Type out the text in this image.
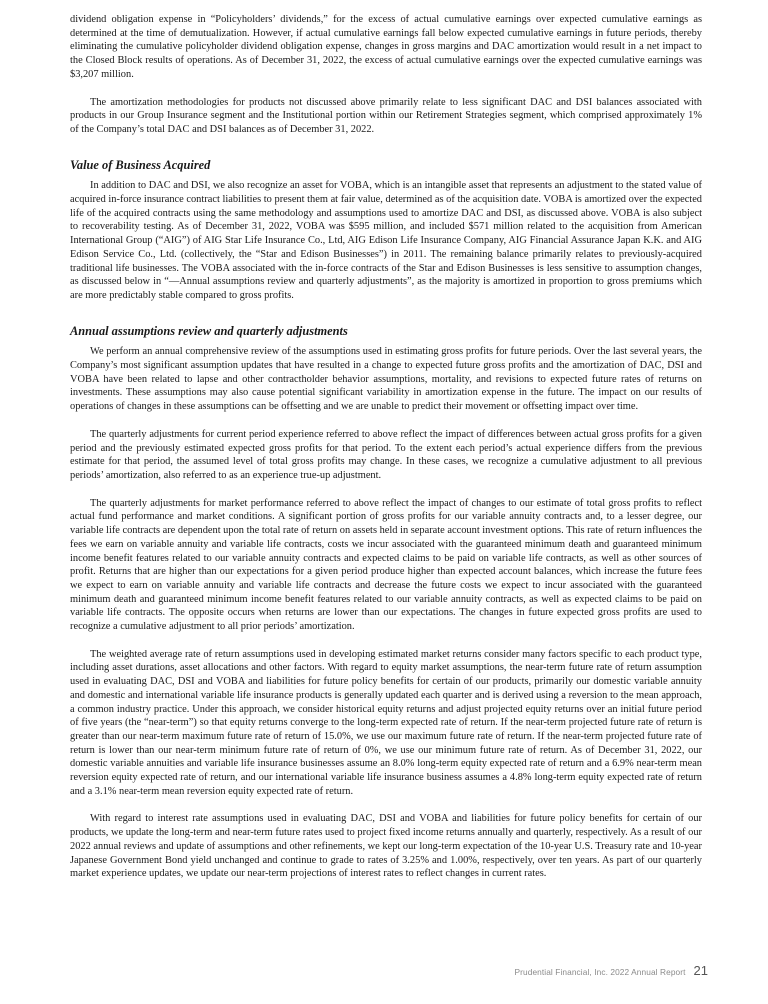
dividend obligation expense in “Policyholders’ dividends,” for the excess of actual cumulative earnings over expected cumulative earnings as determined at the time of demutualization. However, if actual cumulative earnings fall below expected cumulative earnings in future periods, thereby eliminating the cumulative policyholder dividend obligation expense, changes in gross margins and DAC amortization would result in a net impact to the Closed Block results of operations. As of December 31, 2022, the excess of actual cumulative earnings over the expected cumulative earnings was $3,207 million.

The amortization methodologies for products not discussed above primarily relate to less significant DAC and DSI balances associated with products in our Group Insurance segment and the Institutional portion within our Retirement Strategies segment, which comprised approximately 1% of the Company’s total DAC and DSI balances as of December 31, 2022.

Value of Business Acquired

In addition to DAC and DSI, we also recognize an asset for VOBA, which is an intangible asset that represents an adjustment to the stated value of acquired in-force insurance contract liabilities to present them at fair value, determined as of the acquisition date. VOBA is amortized over the expected life of the acquired contracts using the same methodology and assumptions used to amortize DAC and DSI, as discussed above. VOBA is also subject to recoverability testing. As of December 31, 2022, VOBA was $595 million, and included $571 million related to the acquisition from American International Group (“AIG”) of AIG Star Life Insurance Co., Ltd, AIG Edison Life Insurance Company, AIG Financial Assurance Japan K.K. and AIG Edison Service Co., Ltd. (collectively, the “Star and Edison Businesses”) in 2011. The remaining balance primarily relates to previously-acquired traditional life businesses. The VOBA associated with the in-force contracts of the Star and Edison Businesses is less sensitive to assumption changes, as discussed below in “—Annual assumptions review and quarterly adjustments”, as the majority is amortized in proportion to gross premiums which are more predictably stable compared to gross profits.

Annual assumptions review and quarterly adjustments

We perform an annual comprehensive review of the assumptions used in estimating gross profits for future periods. Over the last several years, the Company’s most significant assumption updates that have resulted in a change to expected future gross profits and the amortization of DAC, DSI and VOBA have been related to lapse and other contractholder behavior assumptions, mortality, and revisions to expected future rates of returns on investments. These assumptions may also cause potential significant variability in amortization expense in the future. The impact on our results of operations of changes in these assumptions can be offsetting and we are unable to predict their movement or offsetting impact over time.

The quarterly adjustments for current period experience referred to above reflect the impact of differences between actual gross profits for a given period and the previously estimated expected gross profits for that period. To the extent each period’s actual experience differs from the previous estimate for that period, the assumed level of total gross profits may change. In these cases, we recognize a cumulative adjustment to all previous periods’ amortization, also referred to as an experience true-up adjustment.

The quarterly adjustments for market performance referred to above reflect the impact of changes to our estimate of total gross profits to reflect actual fund performance and market conditions. A significant portion of gross profits for our variable annuity contracts and, to a lesser degree, our variable life contracts are dependent upon the total rate of return on assets held in separate account investment options. This rate of return influences the fees we earn on variable annuity and variable life contracts, costs we incur associated with the guaranteed minimum death and guaranteed minimum income benefit features related to our variable annuity contracts and expected claims to be paid on variable life contracts, as well as other sources of profit. Returns that are higher than our expectations for a given period produce higher than expected account balances, which increase the future fees we expect to earn on variable annuity and variable life contracts and decrease the future costs we expect to incur associated with the guaranteed minimum death and guaranteed minimum income benefit features related to our variable annuity contracts, as well as expected claims to be paid on variable life contracts. The opposite occurs when returns are lower than our expectations. The changes in future expected gross profits are used to recognize a cumulative adjustment to all prior periods’ amortization.

The weighted average rate of return assumptions used in developing estimated market returns consider many factors specific to each product type, including asset durations, asset allocations and other factors. With regard to equity market assumptions, the near-term future rate of return assumption used in evaluating DAC, DSI and VOBA and liabilities for future policy benefits for certain of our products, primarily our domestic variable annuity and domestic and international variable life insurance products is generally updated each quarter and is derived using a reversion to the mean approach, a common industry practice. Under this approach, we consider historical equity returns and adjust projected equity returns over an initial future period of five years (the “near-term”) so that equity returns converge to the long-term expected rate of return. If the near-term projected future rate of return is greater than our near-term maximum future rate of return of 15.0%, we use our maximum future rate of return. If the near-term projected future rate of return is lower than our near-term minimum future rate of return of 0%, we use our minimum future rate of return. As of December 31, 2022, our domestic variable annuities and variable life insurance businesses assume an 8.0% long-term equity expected rate of return and a 6.9% near-term mean reversion equity expected rate of return, and our international variable life insurance business assumes a 4.8% long-term equity expected rate of return and a 3.1% near-term mean reversion equity expected rate of return.

With regard to interest rate assumptions used in evaluating DAC, DSI and VOBA and liabilities for future policy benefits for certain of our products, we update the long-term and near-term future rates used to project fixed income returns annually and quarterly, respectively. As a result of our 2022 annual reviews and update of assumptions and other refinements, we kept our long-term expectation of the 10-year U.S. Treasury rate and 10-year Japanese Government Bond yield unchanged and continue to grade to rates of 3.25% and 1.00%, respectively, over ten years. As part of our quarterly market experience updates, we update our near-term projections of interest rates to reflect changes in current rates.

Prudential Financial, Inc. 2022 Annual Report 21
